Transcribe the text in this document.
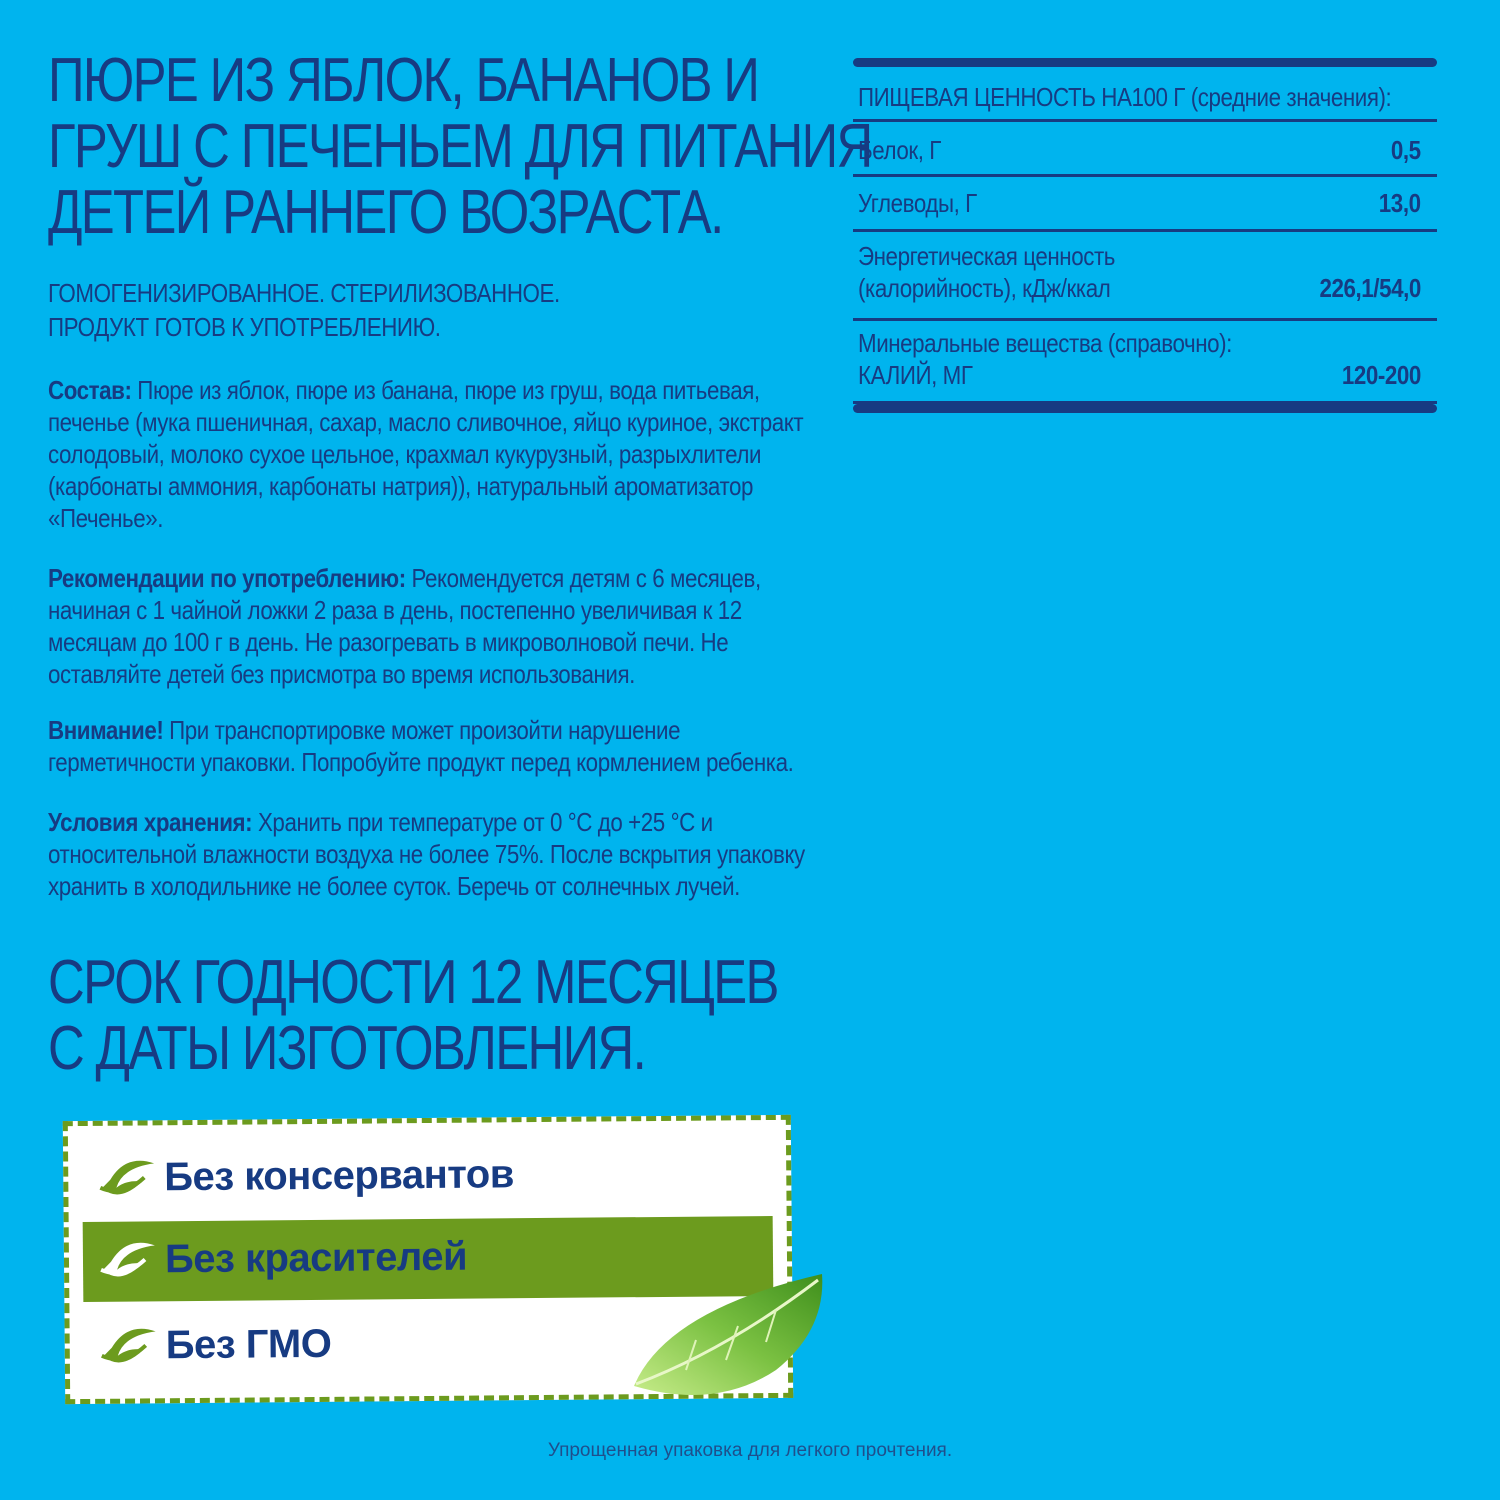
ПЮРЕ ИЗ ЯБЛОК, БАНАНОВ И
ГРУШ С ПЕЧЕНЬЕМ ДЛЯ ПИТАНИЯ
ДЕТЕЙ РАННЕГО ВОЗРАСТА.

ГОМОГЕНИЗИРОВАННОЕ. СТЕРИЛИЗОВАННОЕ.
ПРОДУКТ ГОТОВ К УПОТРЕБЛЕНИЮ.

Состав: Пюре из яблок, пюре из банана, пюре из груш, вода питьевая,
печенье (мука пшеничная, сахар, масло сливочное, яйцо куриное, экстракт
солодовый, молоко сухое цельное, крахмал кукурузный, разрыхлители
(карбонаты аммония, карбонаты натрия)), натуральный ароматизатор
«Печенье».

Рекомендации по употреблению: Рекомендуется детям с 6 месяцев,
начиная с 1 чайной ложки 2 раза в день, постепенно увеличивая к 12
месяцам до 100 г в день. Не разогревать в микроволновой печи. Не
оставляйте детей без присмотра во время использования.

Внимание! При транспортировке может произойти нарушение
герметичности упаковки. Попробуйте продукт перед кормлением ребенка.

Условия хранения: Хранить при температуре от 0 °С до +25 °С и
относительной влажности воздуха не более 75%. После вскрытия упаковку
хранить в холодильнике не более суток. Беречь от солнечных лучей.

СРОК ГОДНОСТИ 12 МЕСЯЦЕВ
С ДАТЫ ИЗГОТОВЛЕНИЯ.
ПИЩЕВАЯ ЦЕННОСТЬ НА100 Г (средние значения):
Белок, Г	0,5
Углеводы, Г	13,0
Энергетическая ценность
(калорийность), кДж/ккал	226,1/54,0
Минеральные вещества (справочно):
КАЛИЙ, МГ	120-200
Без консервантов
Без красителей
Без ГМО
Упрощенная упаковка для легкого прочтения.
